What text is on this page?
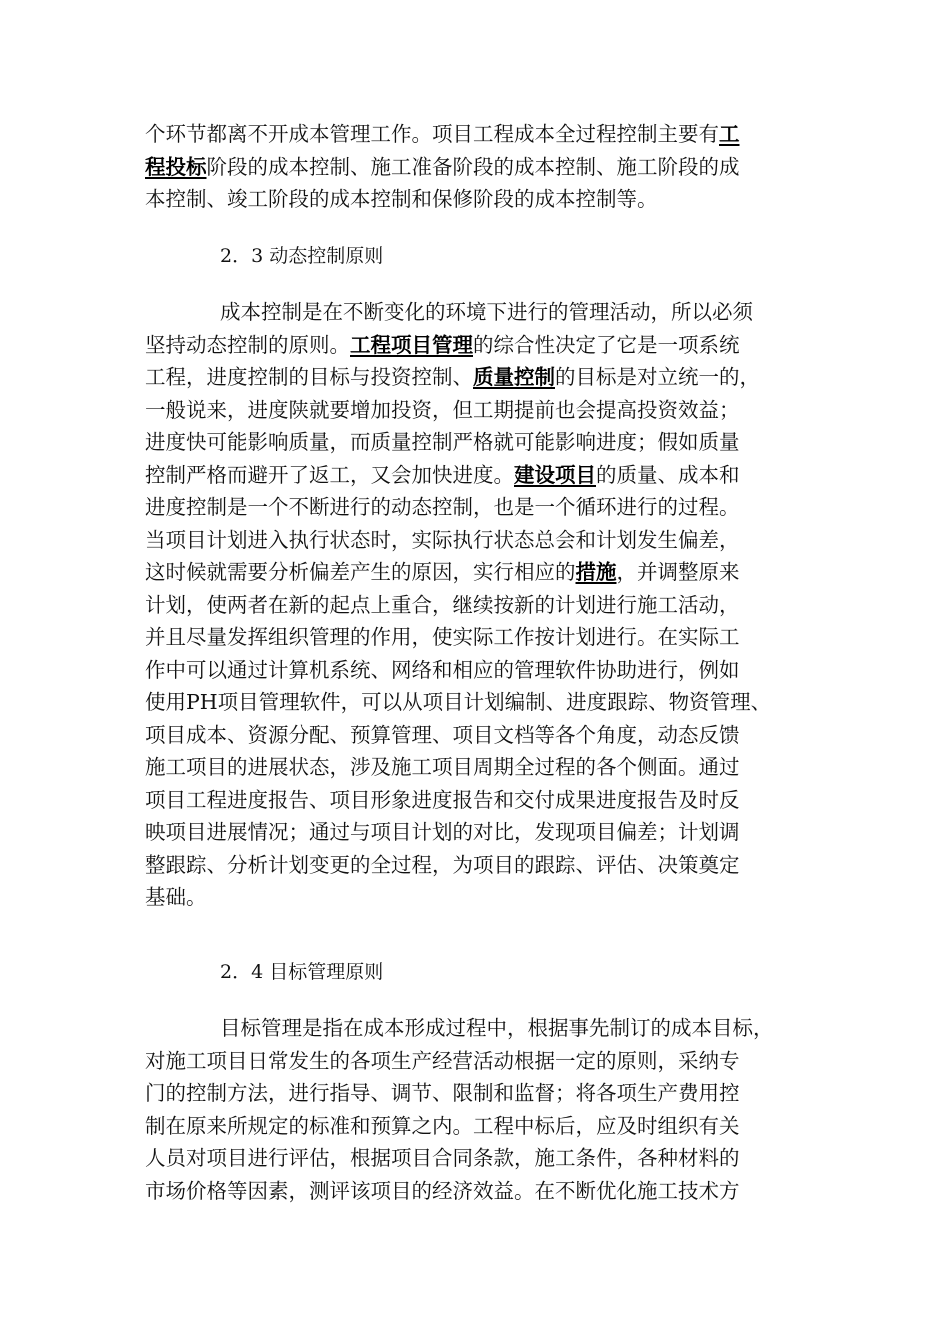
个环节都离不开成本管理工作。项目工程成本全过程控制主要有工
程投标阶段的成本控制、施工准备阶段的成本控制、施工阶段的成
本控制、竣工阶段的成本控制和保修阶段的成本控制等。
2．3 动态控制原则
成本控制是在不断变化的环境下进行的管理活动，所以必须
坚持动态控制的原则。工程项目管理的综合性决定了它是一项系统
工程，进度控制的目标与投资控制、质量控制的目标是对立统一的，
一般说来，进度陕就要增加投资，但工期提前也会提高投资效益；
进度快可能影响质量，而质量控制严格就可能影响进度；假如质量
控制严格而避开了返工，又会加快进度。建设项目的质量、成本和
进度控制是一个不断进行的动态控制，也是一个循环进行的过程。
当项目计划进入执行状态时，实际执行状态总会和计划发生偏差，
这时候就需要分析偏差产生的原因，实行相应的措施，并调整原来
计划，使两者在新的起点上重合，继续按新的计划进行施工活动，
并且尽量发挥组织管理的作用，使实际工作按计划进行。在实际工
作中可以通过计算机系统、网络和相应的管理软件协助进行，例如
使用PH项目管理软件，可以从项目计划编制、进度跟踪、物资管理、
项目成本、资源分配、预算管理、项目文档等各个角度，动态反馈
施工项目的进展状态，涉及施工项目周期全过程的各个侧面。通过
项目工程进度报告、项目形象进度报告和交付成果进度报告及时反
映项目进展情况；通过与项目计划的对比，发现项目偏差；计划调
整跟踪、分析计划变更的全过程，为项目的跟踪、评估、决策奠定
基础。
2．4 目标管理原则
目标管理是指在成本形成过程中，根据事先制订的成本目标，
对施工项目日常发生的各项生产经营活动根据一定的原则，采纳专
门的控制方法，进行指导、调节、限制和监督；将各项生产费用控
制在原来所规定的标准和预算之内。工程中标后，应及时组织有关
人员对项目进行评估，根据项目合同条款，施工条件，各种材料的
市场价格等因素，测评该项目的经济效益。在不断优化施工技术方
